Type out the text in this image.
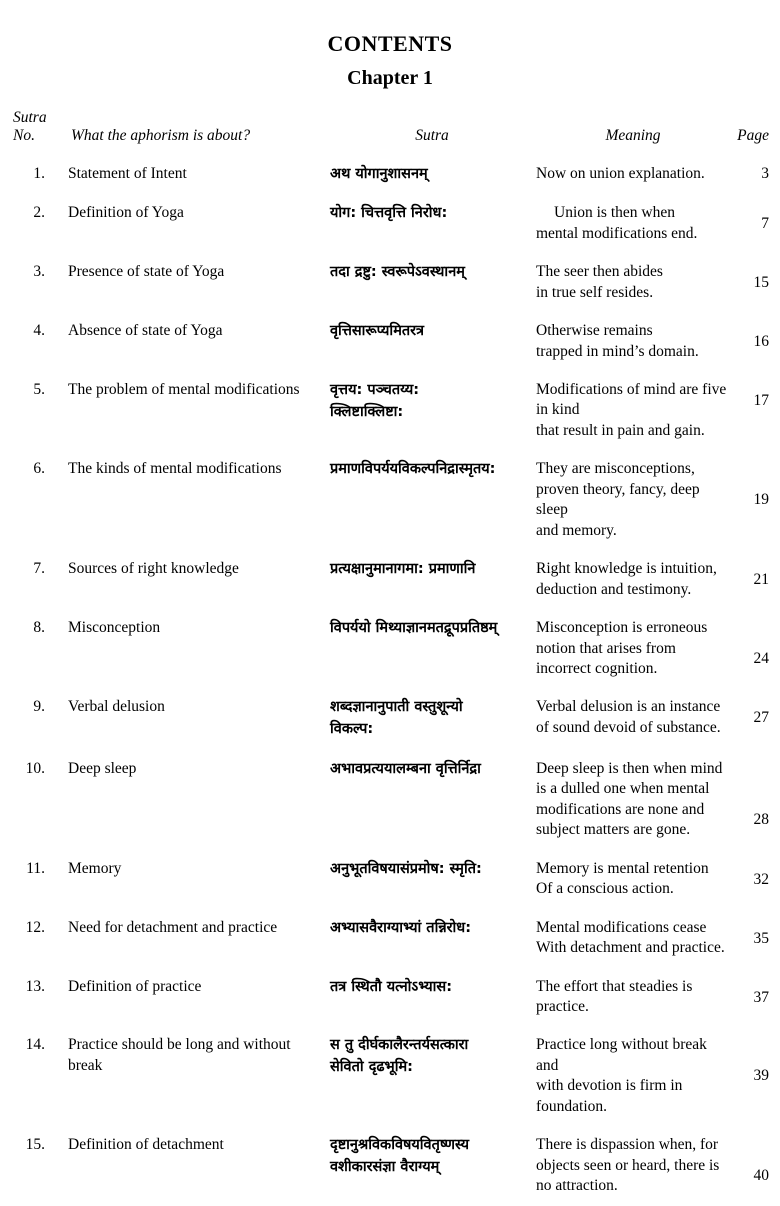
CONTENTS
Chapter 1
Sutra No.	What the aphorism is about?	Sutra	Meaning	Page
1.	Statement of Intent	अथ योगानुशासनम्	Now on union explanation.	3
2.	Definition of Yoga	योग: चित्तवृत्ति निरोध:	Union is then when
mental modifications end.	7
3.	Presence of state of Yoga	तदा द्रष्टु: स्वरूपेऽवस्थानम्	The seer then abides
in true self resides.	15
4.	Absence of state of Yoga	वृत्तिसारूप्यमितरत्र	Otherwise remains
trapped in mind’s domain.	16
5.	The problem of mental modifications	वृत्तय: पञ्चतय्य:
क्लिष्टाक्लिष्टा:	Modifications of mind are five in kind
that result in pain and gain.	17
6.	The kinds of mental modifications	प्रमाणविपर्ययविकल्पनिद्रास्मृतय:	They are misconceptions,
proven theory, fancy, deep sleep
and memory.	19
7.	Sources of right knowledge	प्रत्यक्षानुमानागमा: प्रमाणानि	Right knowledge is intuition,
deduction and testimony.	21
8.	Misconception	विपर्ययो मिथ्याज्ञानमतद्रूपप्रतिष्ठम्	Misconception is erroneous
notion that arises from
incorrect cognition.	24
9.	Verbal delusion	शब्दज्ञानानुपाती वस्तुशून्यो
विकल्प:	Verbal delusion is an instance
of sound devoid of substance.	27
10.	Deep sleep	अभावप्रत्ययालम्बना वृत्तिर्निद्रा	Deep sleep is then when mind
is a dulled one when mental
modifications are none and
subject matters are gone.	28
11.	Memory	अनुभूतविषयासंप्रमोष: स्मृति:	Memory is mental retention
Of a conscious action.	32
12.	Need for detachment and practice	अभ्यासवैराग्याभ्यां तन्निरोध:	Mental modifications cease
With detachment and practice.	35
13.	Definition of practice	तत्र स्थितौ यत्नोऽभ्यास:	The effort that steadies is
practice.	37
14.	Practice should be long and without break	स तु दीर्घकालैरन्तर्यसत्कारा
सेविताे दृढभूमि:	Practice long without break and
with devotion is firm in
foundation.	39
15.	Definition of detachment	दृष्टानुश्रविकविषयवितृष्णस्य
वशीकारसंज्ञा वैराग्यम्	There is dispassion when, for
objects seen or heard, there is
no attraction.	40
